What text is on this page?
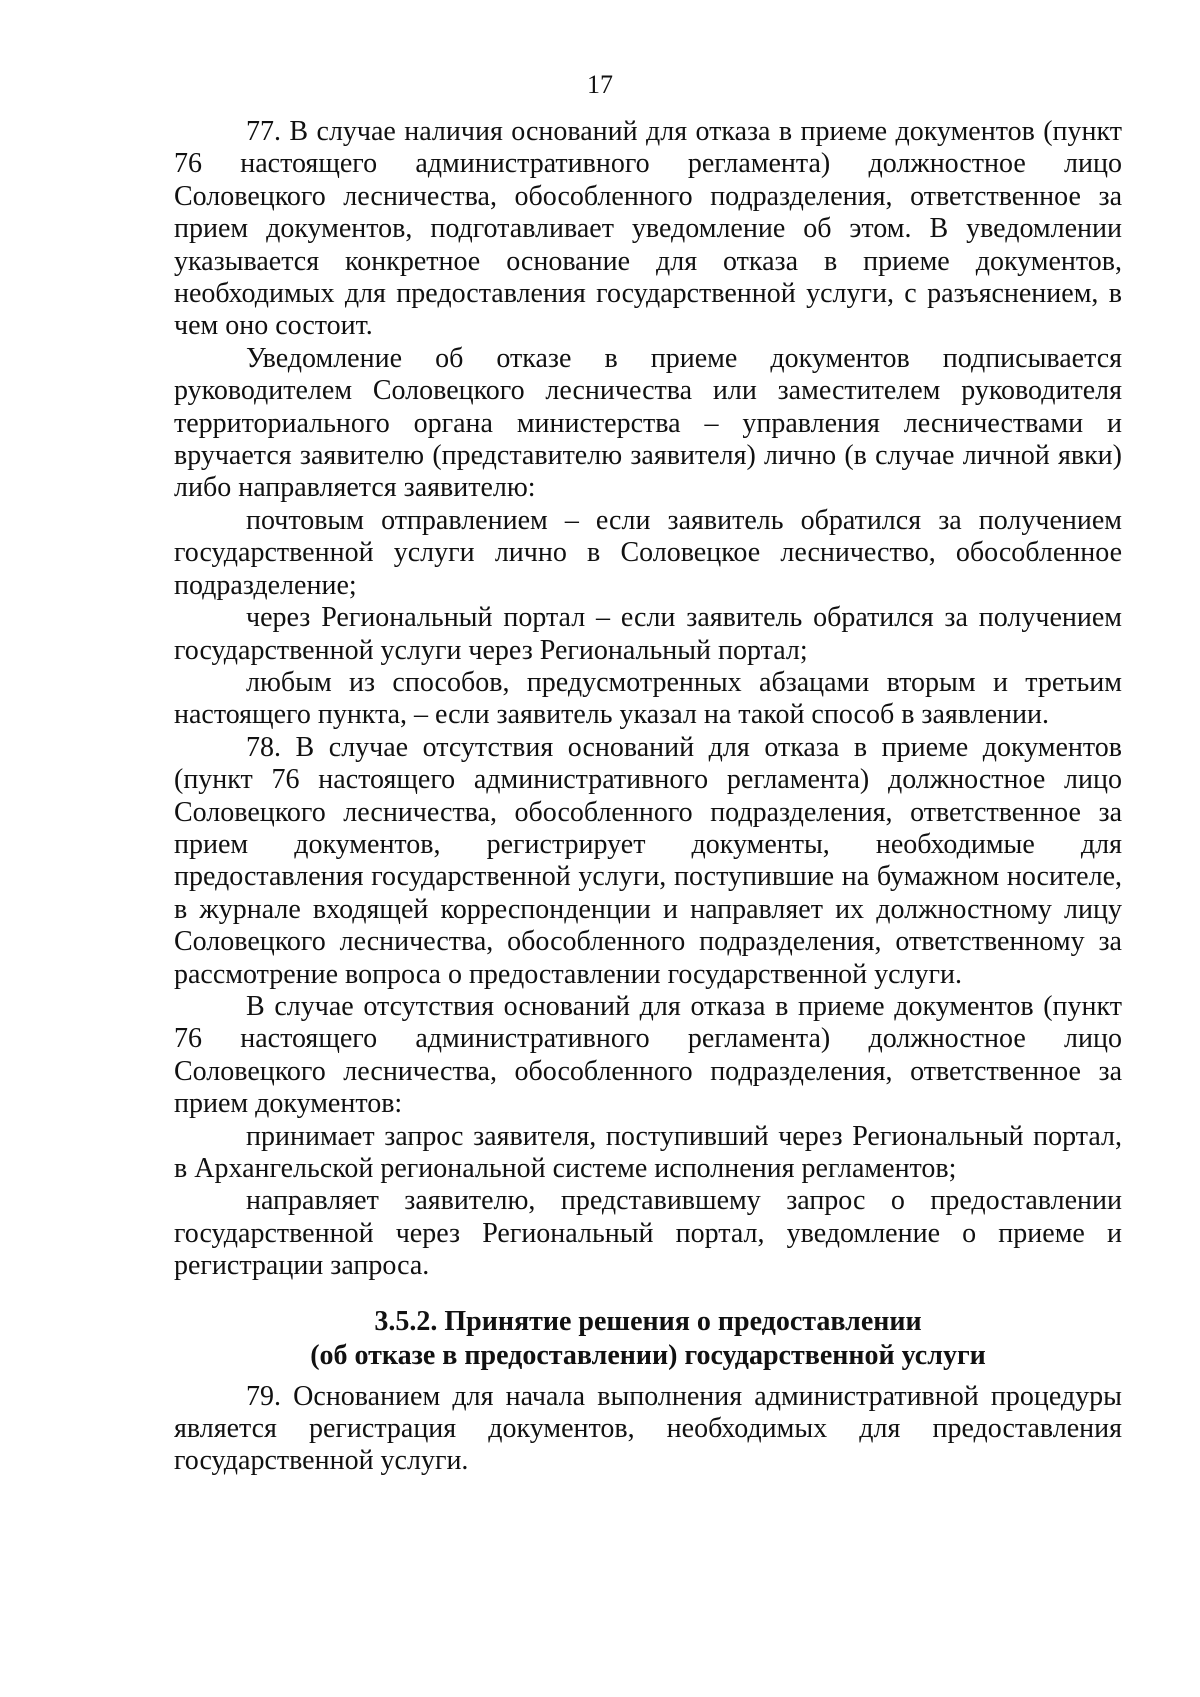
17

77. В случае наличия оснований для отказа в приеме документов (пункт 76 настоящего административного регламента) должностное лицо Соловецкого лесничества, обособленного подразделения, ответственное за прием документов, подготавливает уведомление об этом. В уведомлении указывается конкретное основание для отказа в приеме документов, необходимых для предоставления государственной услуги, с разъяснением, в чем оно состоит.

Уведомление об отказе в приеме документов подписывается руководителем Соловецкого лесничества или заместителем руководителя территориального органа министерства – управления лесничествами и вручается заявителю (представителю заявителя) лично (в случае личной явки) либо направляется заявителю:

почтовым отправлением – если заявитель обратился за получением государственной услуги лично в Соловецкое лесничество, обособленное подразделение;

через Региональный портал – если заявитель обратился за получением государственной услуги через Региональный портал;

любым из способов, предусмотренных абзацами вторым и третьим настоящего пункта, – если заявитель указал на такой способ в заявлении.

78. В случае отсутствия оснований для отказа в приеме документов (пункт 76 настоящего административного регламента) должностное лицо Соловецкого лесничества, обособленного подразделения, ответственное за прием документов, регистрирует документы, необходимые для предоставления государственной услуги, поступившие на бумажном носителе, в журнале входящей корреспонденции и направляет их должностному лицу Соловецкого лесничества, обособленного подразделения, ответственному за рассмотрение вопроса о предоставлении государственной услуги.

В случае отсутствия оснований для отказа в приеме документов (пункт 76 настоящего административного регламента) должностное лицо Соловецкого лесничества, обособленного подразделения, ответственное за прием документов:

принимает запрос заявителя, поступивший через Региональный портал, в Архангельской региональной системе исполнения регламентов;

направляет заявителю, представившему запрос о предоставлении государственной через Региональный портал, уведомление о приеме и регистрации запроса.

3.5.2. Принятие решения о предоставлении

(об отказе в предоставлении) государственной услуги

79. Основанием для начала выполнения административной процедуры является регистрация документов, необходимых для предоставления государственной услуги.
